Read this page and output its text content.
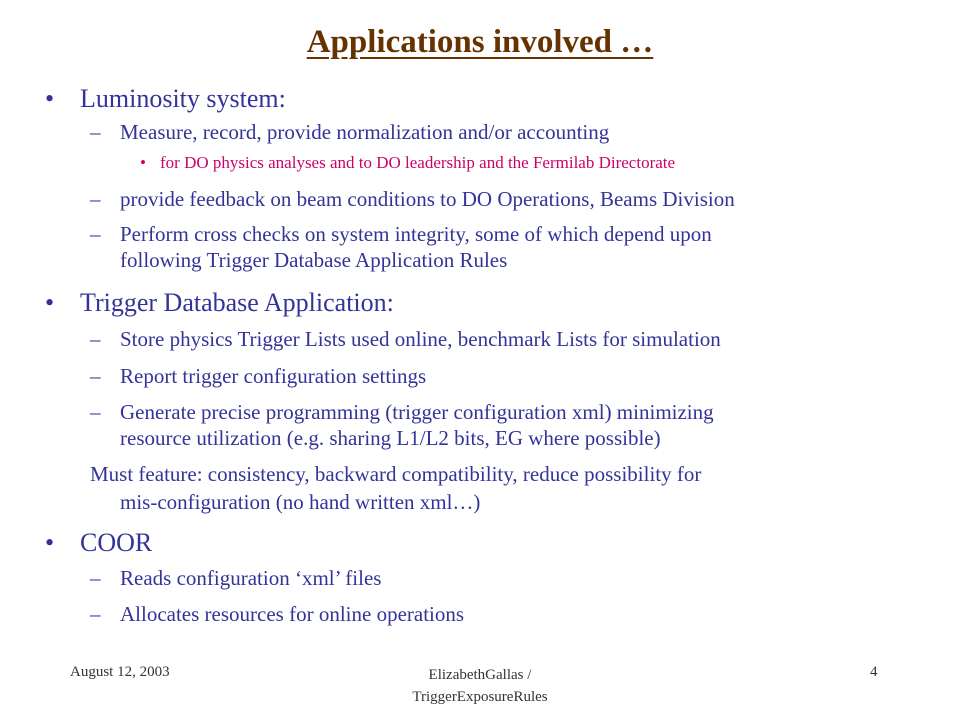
Applications involved …
• Luminosity system:
– Measure, record, provide normalization and/or accounting
• for DO physics analyses and to DO leadership and the Fermilab Directorate
– provide feedback on beam conditions to DO Operations, Beams Division
– Perform cross checks on system integrity, some of which depend upon
following Trigger Database Application Rules
• Trigger Database Application:
– Store physics Trigger Lists used online, benchmark Lists for simulation
– Report trigger configuration settings
– Generate precise programming (trigger configuration xml) minimizing
resource utilization (e.g. sharing L1/L2 bits, EG where possible)
Must feature: consistency, backward compatibility, reduce possibility for
mis-configuration (no hand written xml…)
• COOR
– Reads configuration ‘xml’ files
– Allocates resources for online operations
August 12, 2003	ElizabethGallas /
TriggerExposureRules
4
